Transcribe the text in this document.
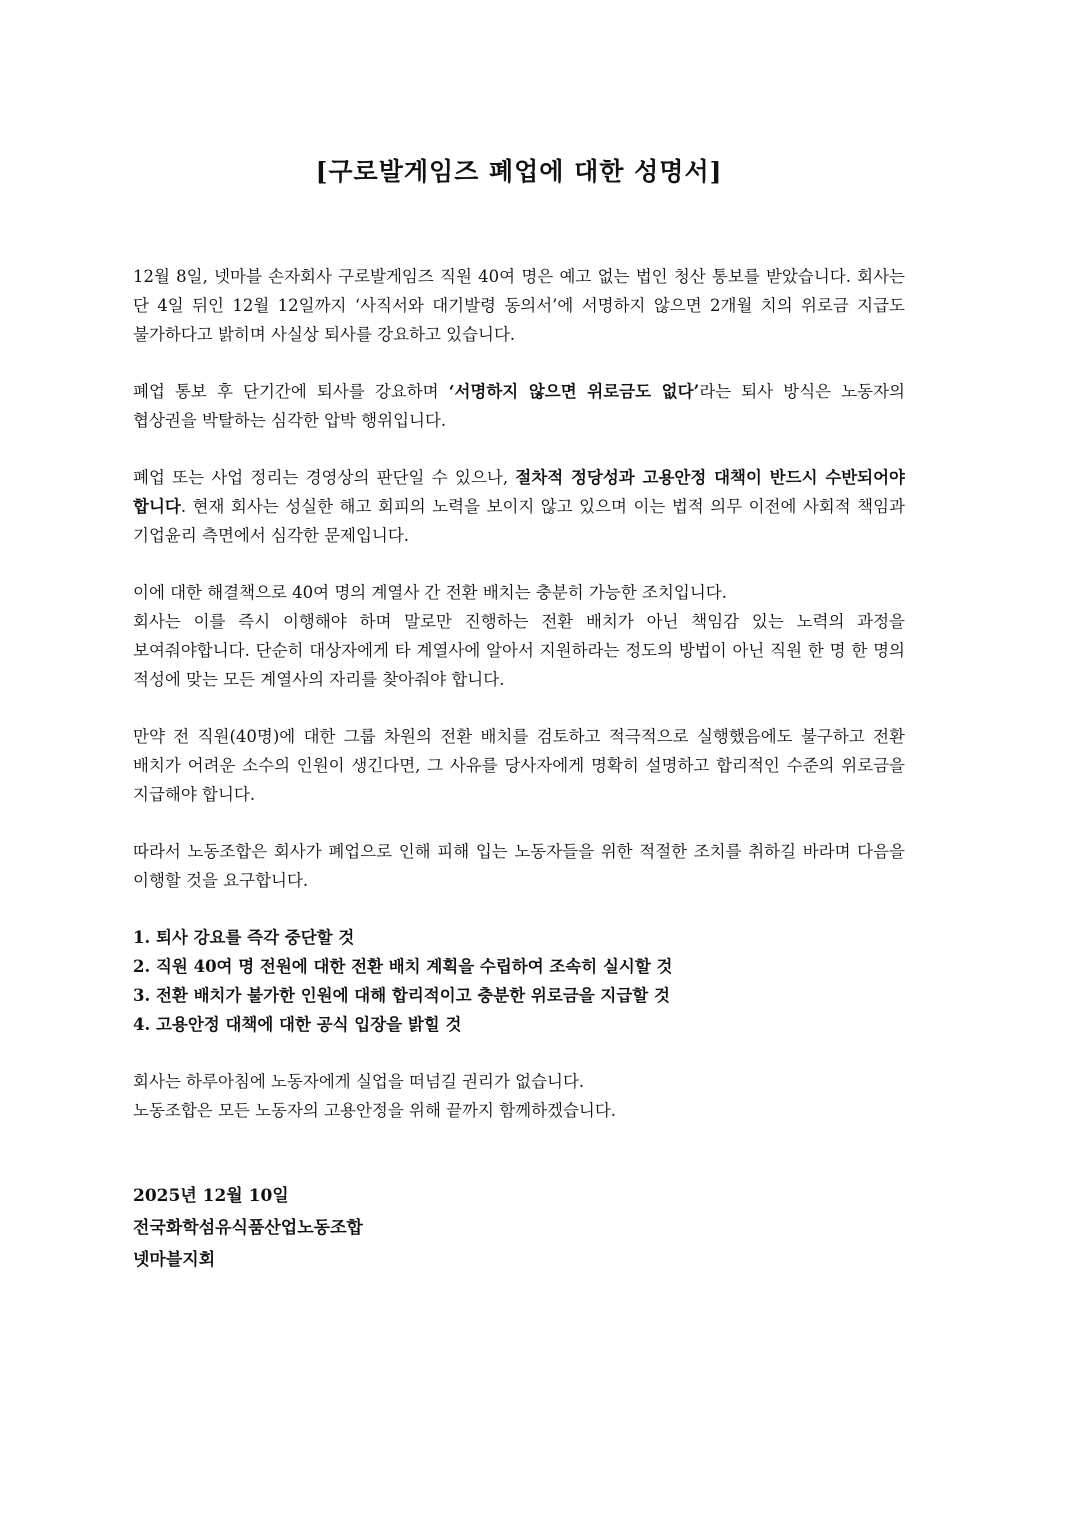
[구로발게임즈 폐업에 대한 성명서]

12월 8일, 넷마블 손자회사 구로발게임즈 직원 40여 명은 예고 없는 법인 청산 통보를 받았습니다. 회사는 단 4일 뒤인 12월 12일까지 ‘사직서와 대기발령 동의서’에 서명하지 않으면 2개월 치의 위로금 지급도 불가하다고 밝히며 사실상 퇴사를 강요하고 있습니다.

폐업 통보 후 단기간에 퇴사를 강요하며 ‘서명하지 않으면 위로금도 없다’라는 퇴사 방식은 노동자의 협상권을 박탈하는 심각한 압박 행위입니다.

폐업 또는 사업 정리는 경영상의 판단일 수 있으나, 절차적 정당성과 고용안정 대책이 반드시 수반되어야 합니다. 현재 회사는 성실한 해고 회피의 노력을 보이지 않고 있으며 이는 법적 의무 이전에 사회적 책임과 기업윤리 측면에서 심각한 문제입니다.

이에 대한 해결책으로 40여 명의 계열사 간 전환 배치는 충분히 가능한 조치입니다.
회사는 이를 즉시 이행해야 하며 말로만 진행하는 전환 배치가 아닌 책임감 있는 노력의 과정을 보여줘야합니다. 단순히 대상자에게 타 계열사에 알아서 지원하라는 정도의 방법이 아닌 직원 한 명 한 명의 적성에 맞는 모든 계열사의 자리를 찾아줘야 합니다.

만약 전 직원(40명)에 대한 그룹 차원의 전환 배치를 검토하고 적극적으로 실행했음에도 불구하고 전환 배치가 어려운 소수의 인원이 생긴다면, 그 사유를 당사자에게 명확히 설명하고 합리적인 수준의 위로금을 지급해야 합니다.

따라서 노동조합은 회사가 폐업으로 인해 피해 입는 노동자들을 위한 적절한 조치를 취하길 바라며 다음을 이행할 것을 요구합니다.

1. 퇴사 강요를 즉각 중단할 것
2. 직원 40여 명 전원에 대한 전환 배치 계획을 수립하여 조속히 실시할 것
3. 전환 배치가 불가한 인원에 대해 합리적이고 충분한 위로금을 지급할 것
4. 고용안정 대책에 대한 공식 입장을 밝힐 것
회사는 하루아침에 노동자에게 실업을 떠넘길 권리가 없습니다.
노동조합은 모든 노동자의 고용안정을 위해 끝까지 함께하겠습니다.
2025년 12월 10일
전국화학섬유식품산업노동조합
넷마블지회
